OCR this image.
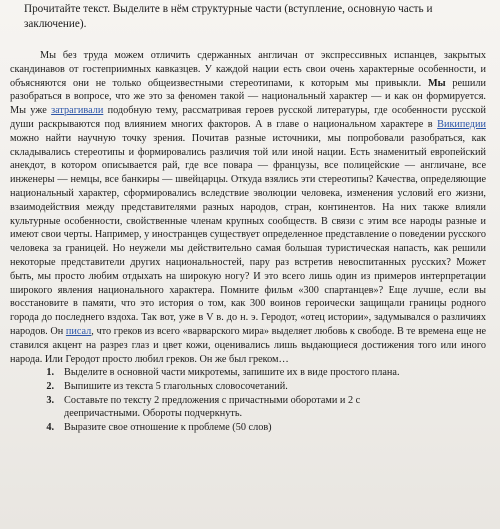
Прочитайте текст. Выделите в нём структурные части (вступление, основную часть и заключение).

Мы без труда можем отличить сдержанных англичан от экспрессивных испанцев, закрытых скандинавов от гостеприимных кавказцев. У каждой нации есть свои очень характерные особенности, и объясняются они не только общеизвестными стереотипами, к которым мы привыкли. Мы решили разобраться в вопросе, что же это за феномен такой — национальный характер — и как он формируется. Мы уже затрагивали подобную тему, рассматривая героев русской литературы, где особенности русской души раскрываются под влиянием многих факторов. А в главе о национальном характере в Википедии можно найти научную точку зрения. Почитав разные источники, мы попробовали разобраться, как складывались стереотипы и формировались различия той или иной нации. Есть знаменитый европейский анекдот, в котором описывается рай, где все повара — французы, все полицейские — англичане, все инженеры — немцы, все банкиры — швейцарцы. Откуда взялись эти стереотипы? Качества, определяющие национальный характер, сформировались вследствие эволюции человека, изменения условий его жизни, взаимодействия между представителями разных народов, стран, континентов. На них также влияли культурные особенности, свойственные членам крупных сообществ. В связи с этим все народы разные и имеют свои черты. Например, у иностранцев существует определенное представление о поведении русского человека за границей. Но неужели мы действительно самая большая туристическая напасть, как решили некоторые представители других национальностей, пару раз встретив невоспитанных русских? Может быть, мы просто любим отдыхать на широкую ногу? И это всего лишь один из примеров интерпретации широкого явления национального характера. Помните фильм «300 спартанцев»? Еще лучше, если вы восстановите в памяти, что это история о том, как 300 воинов героически защищали границы родного города до последнего вздоха. Так вот, уже в V в. до н. э. Геродот, «отец истории», задумывался о различиях народов. Он писал, что греков из всего «варварского мира» выделяет любовь к свободе. В те времена еще не ставился акцент на разрез глаз и цвет кожи, оценивались лишь выдающиеся достижения того или иного народа. Или Геродот просто любил греков. Он же был греком…

1. Выделите в основной части микротемы, запишите их в виде простого плана.
2. Выпишите из текста 5 глагольных словосочетаний.
3. Составьте по тексту 2 предложения с причастными оборотами и 2 с деепричастными. Обороты подчеркнуть.
4. Выразите свое отношение к проблеме (50 слов)
